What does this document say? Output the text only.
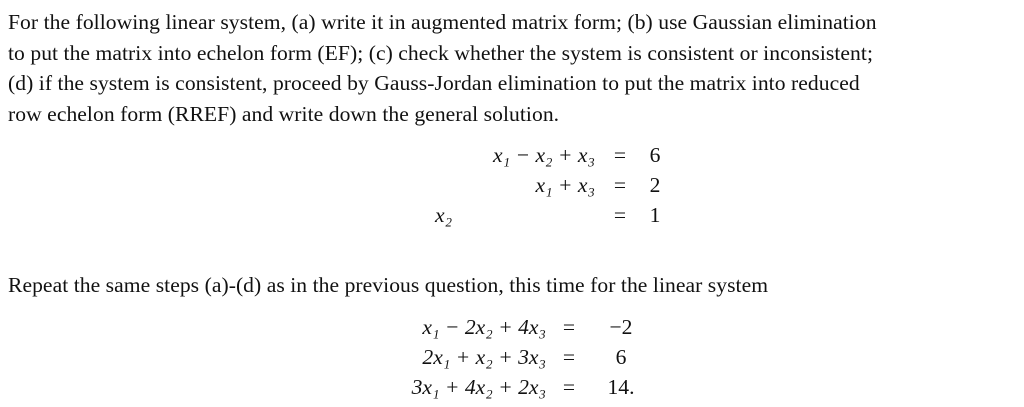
For the following linear system, (a) write it in augmented matrix form; (b) use Gaussian elimination
to put the matrix into echelon form (EF); (c) check whether the system is consistent or inconsistent;
(d) if the system is consistent, proceed by Gauss-Jordan elimination to put the matrix into reduced
row echelon form (RREF) and write down the general solution.

x₁ − x₂ + x₃	=	6
x₁ + x₃	=	2
x₂	=	1

Repeat the same steps (a)-(d) as in the previous question, this time for the linear system

x₁ − 2x₂ + 4x₃	=	−2
2x₁ + x₂ + 3x₃	=	6
3x₁ + 4x₂ + 2x₃	=	14.
